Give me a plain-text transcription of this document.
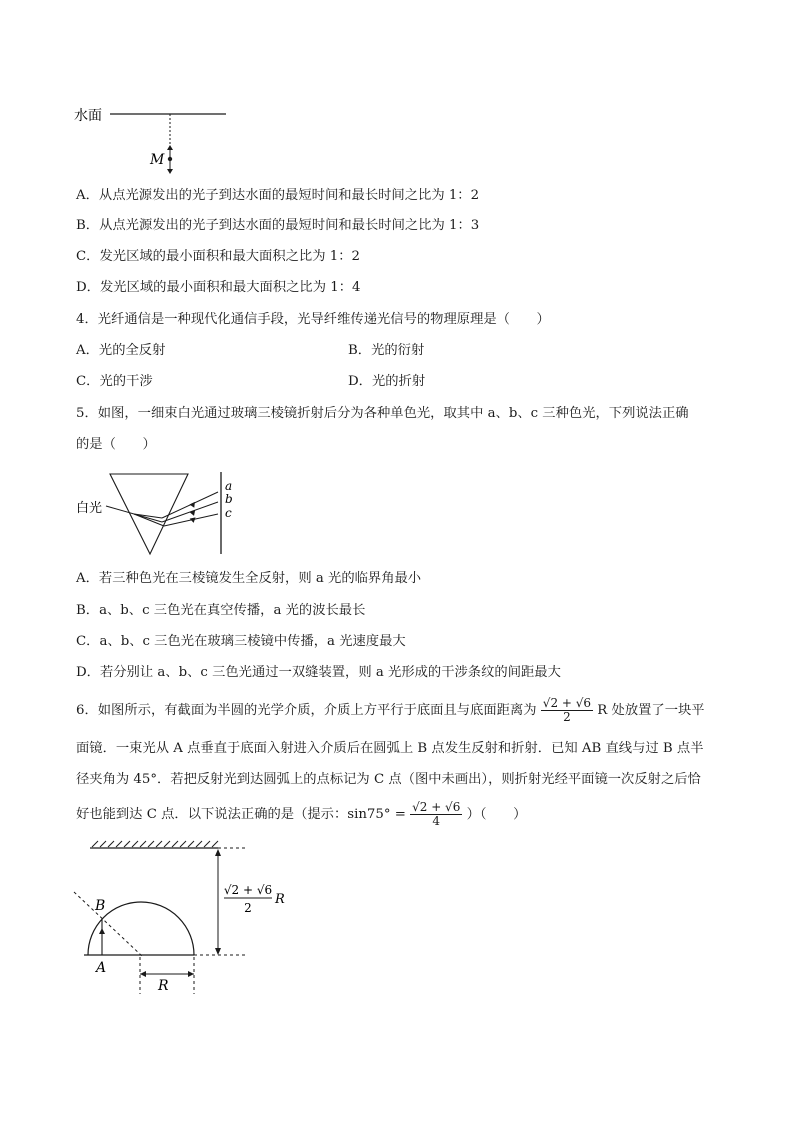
水面
M
A．从点光源发出的光子到达水面的最短时间和最长时间之比为 1：2
B．从点光源发出的光子到达水面的最短时间和最长时间之比为 1：3
C．发光区域的最小面积和最大面积之比为 1：2
D．发光区域的最小面积和最大面积之比为 1：4
4．光纤通信是一种现代化通信手段，光导纤维传递光信号的物理原理是（　　）
A．光的全反射	B．光的衍射
C．光的干涉	D．光的折射
5．如图，一细束白光通过玻璃三棱镜折射后分为各种单色光，取其中 a、b、c 三种色光，下列说法正确
的是（　　）
白光
a
b
c
A．若三种色光在三棱镜发生全反射，则 a 光的临界角最小
B．a、b、c 三色光在真空传播，a 光的波长最长
C．a、b、c 三色光在玻璃三棱镜中传播，a 光速度最大
D．若分别让 a、b、c 三色光通过一双缝装置，则 a 光形成的干涉条纹的间距最大
6．如图所示，有截面为半圆的光学介质，介质上方平行于底面且与底面距离为 $\frac{√2 + √6}{2}$ R 处放置了一块平
面镜．一束光从 A 点垂直于底面入射进入介质后在圆弧上 B 点发生反射和折射．已知 AB 直线与过 B 点半
径夹角为 45°．若把反射光到达圆弧上的点标记为 C 点（图中未画出），则折射光经平面镜一次反射之后恰
好也能到达 C 点．以下说法正确的是（提示：$\sin 75^\circ = \frac{√2 + √6}{4}$ ）（　　）
B
A
R
√2 + √6
2
R
